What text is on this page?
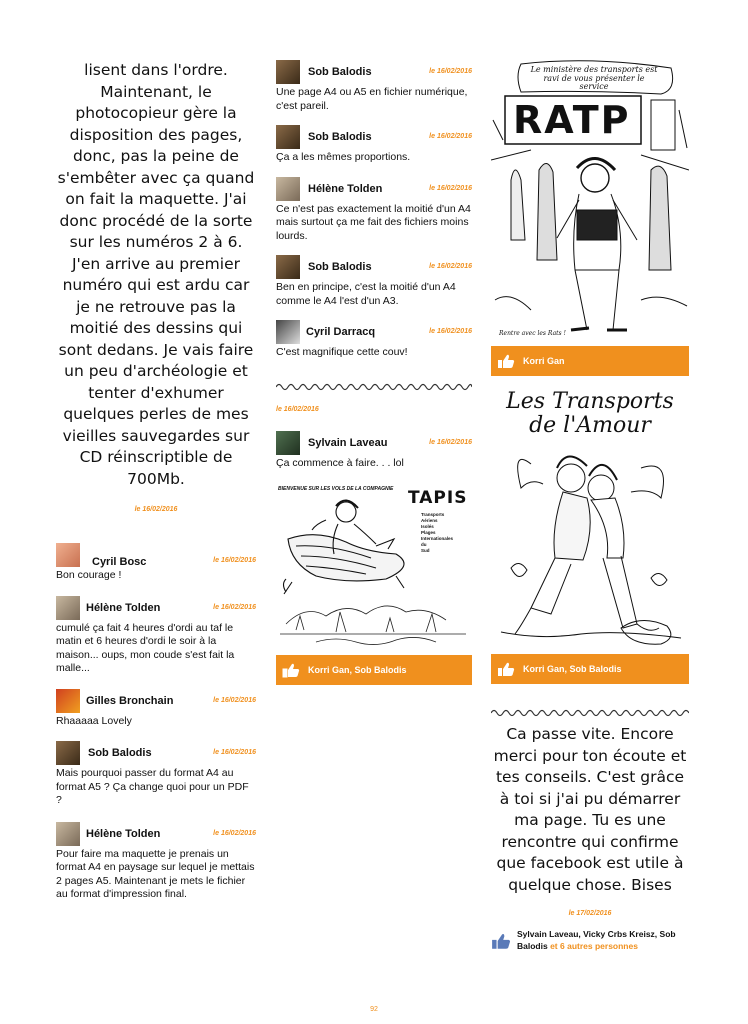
lisent dans l'ordre. Maintenant, le photocopieur gère la disposition des pages, donc, pas la peine de s'embêter avec ça quand on fait la maquette. J'ai donc procédé de la sorte sur les numéros 2 à 6. J'en arrive au premier numéro qui est ardu car je ne retrouve pas la moitié des dessins qui sont dedans. Je vais faire un peu d'archéologie et tenter d'exhumer quelques perles de mes vieilles sauvegardes sur CD réinscriptible de 700Mb.

le 16/02/2016
Cyril Bosc	le 16/02/2016
Bon courage !
Hélène Tolden	le 16/02/2016
cumulé ça fait 4 heures d'ordi au taf le matin et 6 heures d'ordi le soir à la maison... oups, mon coude s'est fait la malle...
Gilles Bronchain	le 16/02/2016
Rhaaaaa Lovely
Sob Balodis	le 16/02/2016
Mais pourquoi passer du format A4 au format A5 ? Ça change quoi pour un PDF ?
Hélène Tolden	le 16/02/2016
Pour faire ma maquette je prenais un format A4 en paysage sur lequel je mettais 2 pages A5. Maintenant je mets le fichier au format d'impression final.
Sob Balodis	le 16/02/2016
Une page A4 ou A5 en fichier numérique, c'est pareil.
Sob Balodis	le 16/02/2016
Ça a les mêmes proportions.
Hélène Tolden	le 16/02/2016
Ce n'est pas exactement la moitié d'un A4 mais surtout ça me fait des fichiers moins lourds.
Sob Balodis	le 16/02/2016
Ben en principe, c'est la moitié d'un A4 comme le A4 l'est d'un A3.
Cyril Darracq	le 16/02/2016
C'est magnifique cette couv!
le 16/02/2016
Sylvain Laveau	le 16/02/2016
Ça commence à faire. . . lol
BIENVENUE SUR LES VOLS DE LA COMPAGNIE TAPIS
Transports
Aériens
Isolés
Plages
Internationales
du
Sud
Korri Gan, Sob Balodis
Le ministère des transports est ravi de vous présenter le service
RATP
Rentre avec les Rats !
Korri Gan
Les Transports
de l'Amour
Korri Gan, Sob Balodis

Ca passe vite. Encore merci pour ton écoute et tes conseils. C'est grâce à toi si j'ai pu démarrer ma page. Tu es une rencontre qui confirme que facebook est utile à quelque chose. Bises

le 17/02/2016
Sylvain Laveau, Vicky Crbs Kreisz, Sob Balodis et 6 autres personnes
92
